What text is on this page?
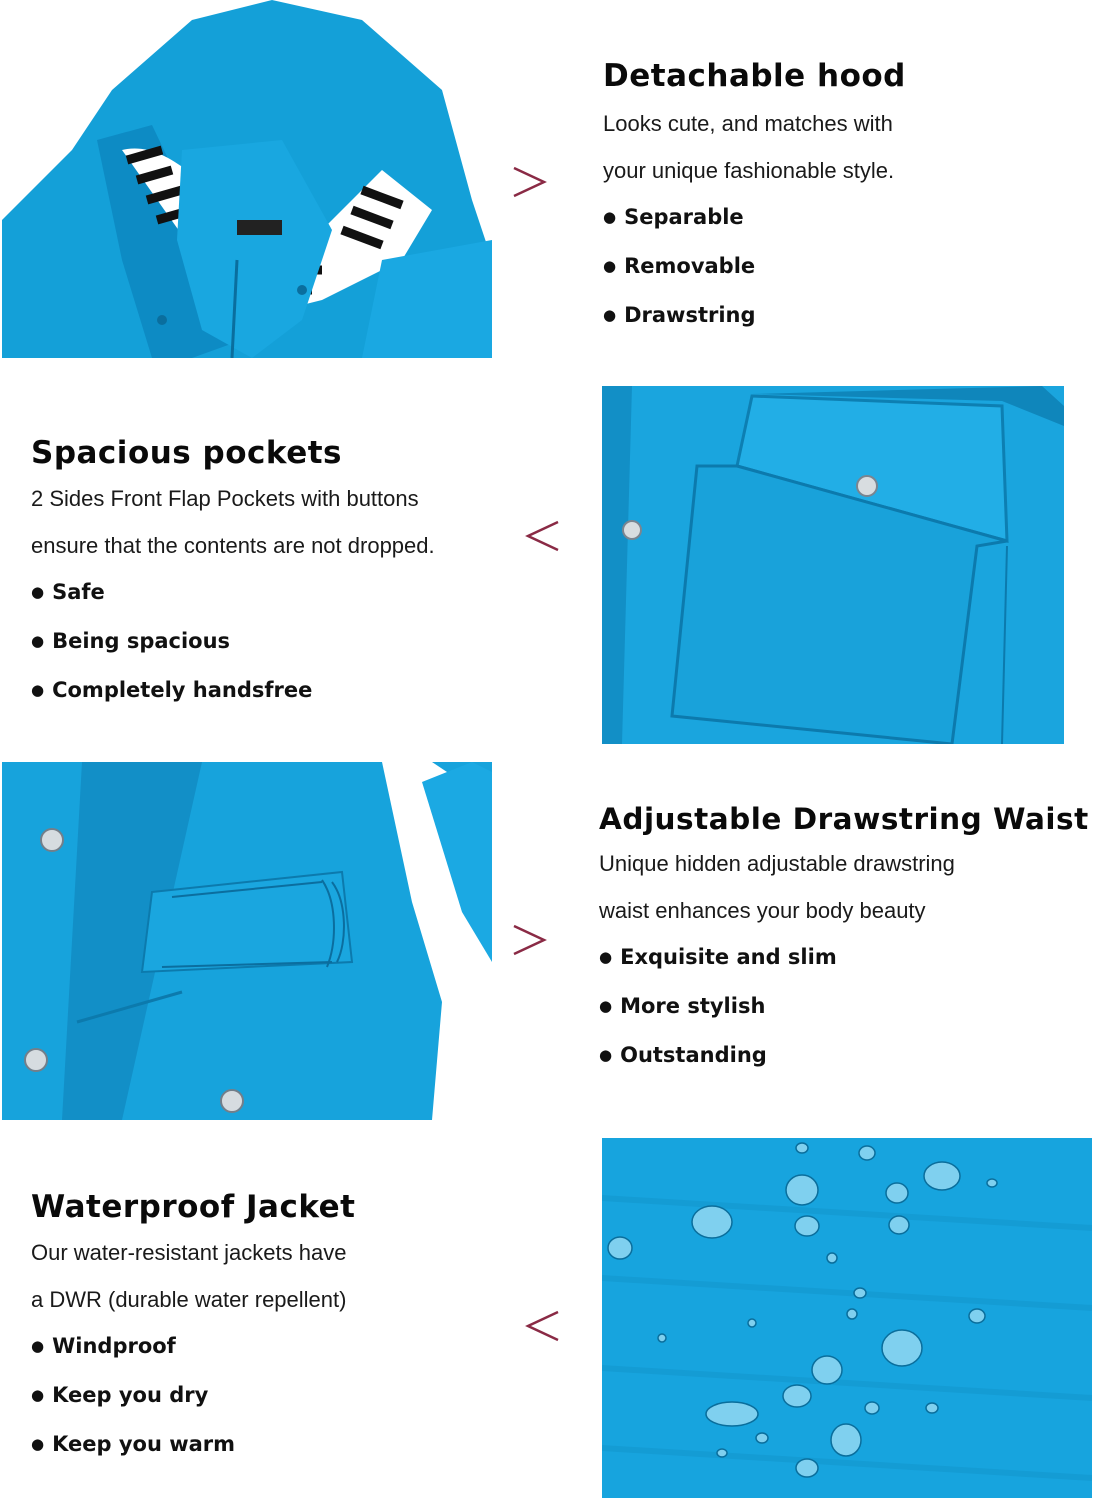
Detachable hood

Looks cute, and matches with

your unique fashionable style.

● Separable
● Removable
● Drawstring
Spacious pockets

2 Sides Front Flap Pockets with buttons

ensure that the contents are not dropped.

● Safe
● Being spacious
● Completely handsfree
Adjustable Drawstring Waist

Unique hidden adjustable drawstring

waist enhances your body beauty

● Exquisite and slim
● More stylish
● Outstanding
Waterproof Jacket

Our water-resistant jackets have

a DWR (durable water repellent)

● Windproof
● Keep you dry
● Keep you warm
